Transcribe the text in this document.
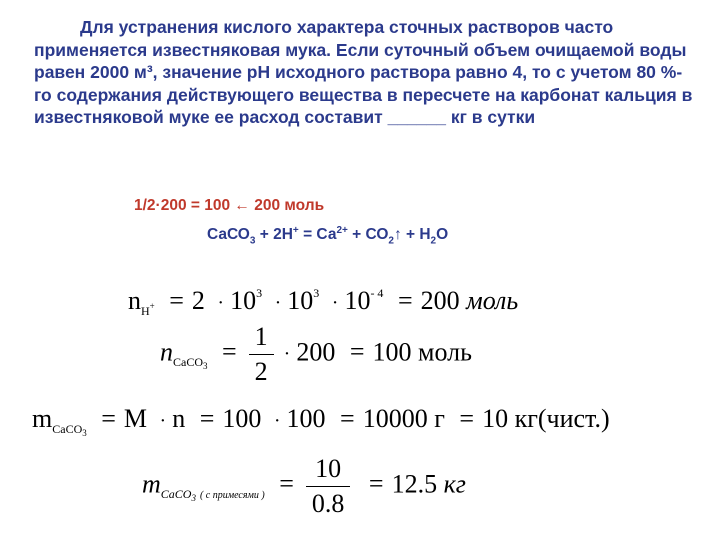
Для устранения кислого характера сточных растворов часто применяется известняковая мука. Если суточный объем очищаемой воды равен 2000 м³, значение рН исходного раствора равно 4, то с учетом 80 %-го содержания действующего вещества в пересчете на карбонат кальция в известняковой муке ее расход составит ______ кг в сутки

1/2·200 = 100 ← 200 моль
СаСО$_3$ + $2Н^+ = Са^{2+}$ + $СО_2↑ + Н_2О$
$n_{H^+} = 2 \cdot 10^3 \cdot 10^3 \cdot 10^{- 4} = 200$ моль
$n_{CaCO_3} = \frac{1}{2} \cdot 200 = 100$ моль
$m_{CaCO_3} = M \cdot n = 100 \cdot 100 = 10000$ г = 10 кг(чист.)
$m_{CaCO_3 ( с примесями )} = \frac{10}{0.8} = 12.5$ кг
